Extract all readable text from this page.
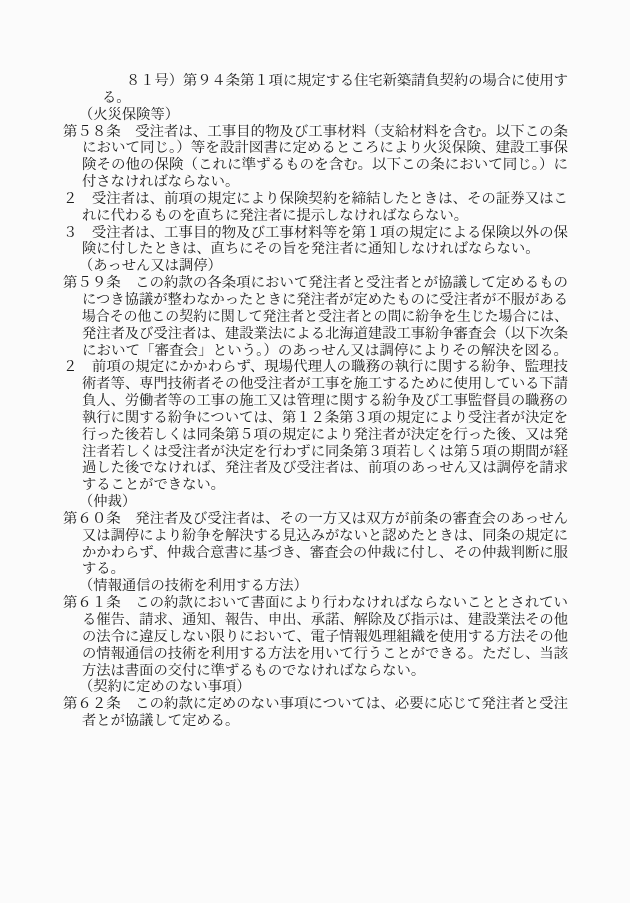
８１号）第９４条第１項に規定する住宅新築請負契約の場合に使用す
る。
（火災保険等）
第５８条　受注者は、工事目的物及び工事材料（支給材料を含む。以下この条
において同じ。）等を設計図書に定めるところにより火災保険、建設工事保
険その他の保険（これに準ずるものを含む。以下この条において同じ。）に
付さなければならない。
２　受注者は、前項の規定により保険契約を締結したときは、その証券又はこ
れに代わるものを直ちに発注者に提示しなければならない。
３　受注者は、工事目的物及び工事材料等を第１項の規定による保険以外の保
険に付したときは、直ちにその旨を発注者に通知しなければならない。
（あっせん又は調停）
第５９条　この約款の各条項において発注者と受注者とが協議して定めるもの
につき協議が整わなかったときに発注者が定めたものに受注者が不服がある
場合その他この契約に関して発注者と受注者との間に紛争を生じた場合には、
発注者及び受注者は、建設業法による北海道建設工事紛争審査会（以下次条
において「審査会」という。）のあっせん又は調停によりその解決を図る。
２　前項の規定にかかわらず、現場代理人の職務の執行に関する紛争、監理技
術者等、専門技術者その他受注者が工事を施工するために使用している下請
負人、労働者等の工事の施工又は管理に関する紛争及び工事監督員の職務の
執行に関する紛争については、第１２条第３項の規定により受注者が決定を
行った後若しくは同条第５項の規定により発注者が決定を行った後、又は発
注者若しくは受注者が決定を行わずに同条第３項若しくは第５項の期間が経
過した後でなければ、発注者及び受注者は、前項のあっせん又は調停を請求
することができない。
（仲裁）
第６０条　発注者及び受注者は、その一方又は双方が前条の審査会のあっせん
又は調停により紛争を解決する見込みがないと認めたときは、同条の規定に
かかわらず、仲裁合意書に基づき、審査会の仲裁に付し、その仲裁判断に服
する。
（情報通信の技術を利用する方法）
第６１条　この約款において書面により行わなければならないこととされてい
る催告、請求、通知、報告、申出、承諾、解除及び指示は、建設業法その他
の法令に違反しない限りにおいて、電子情報処理組織を使用する方法その他
の情報通信の技術を利用する方法を用いて行うことができる。ただし、当該
方法は書面の交付に準ずるものでなければならない。
（契約に定めのない事項）
第６２条　この約款に定めのない事項については、必要に応じて発注者と受注
者とが協議して定める。
